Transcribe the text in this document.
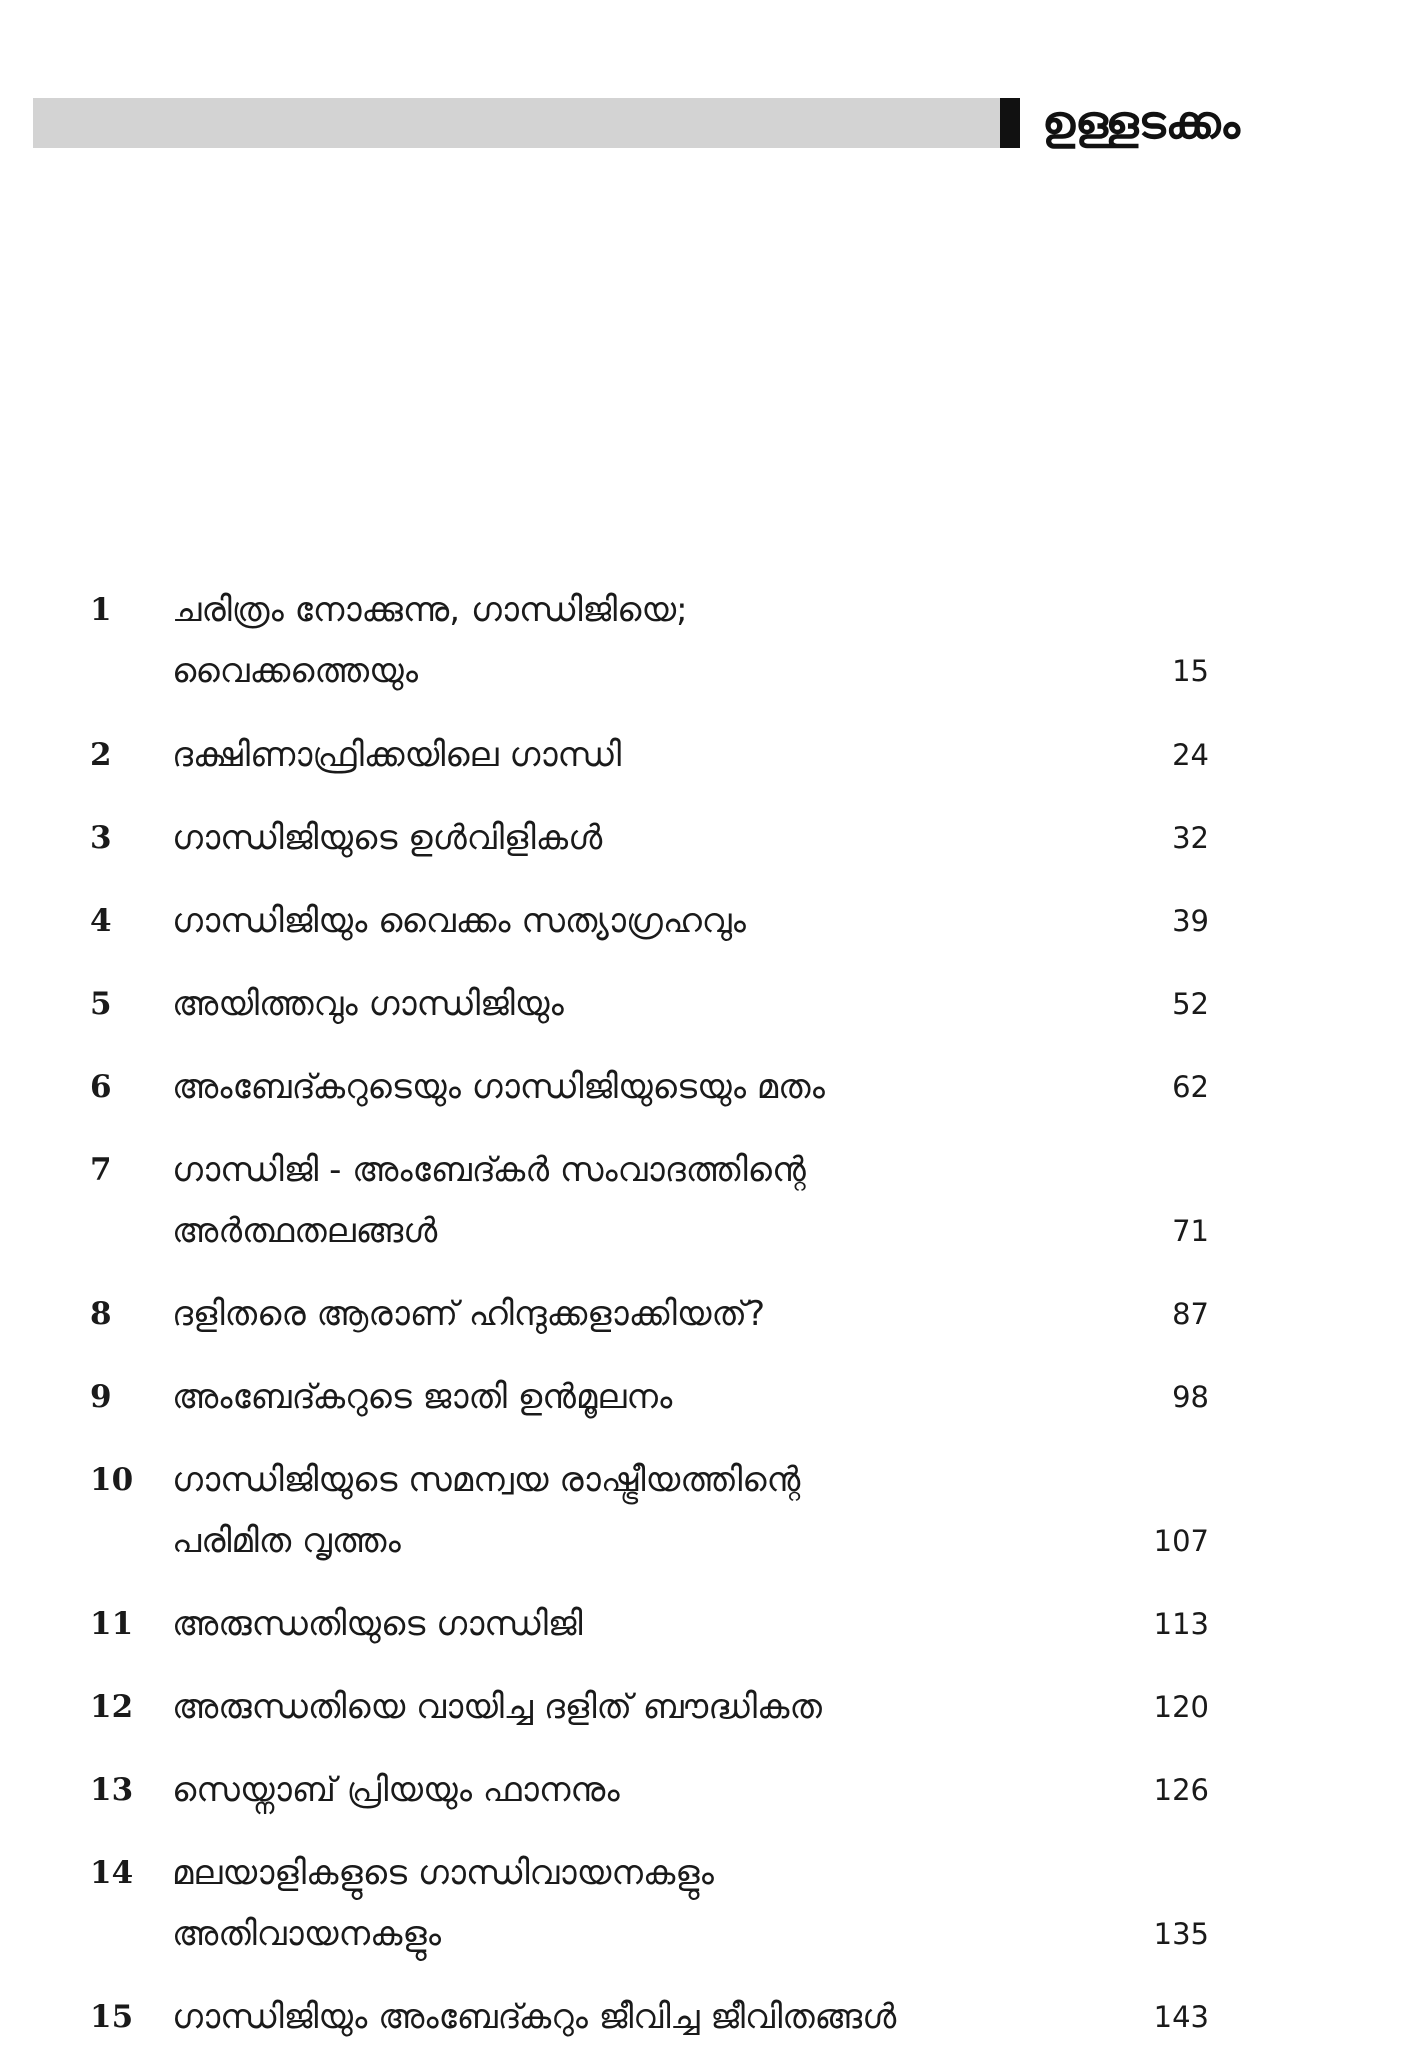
ഉള്ളടക്കം
1	ചരിത്രം നോക്കുന്നു, ഗാന്ധിജിയെ;
വൈക്കത്തെയും	15
2	ദക്ഷിണാഫ്രിക്കയിലെ ഗാന്ധി	24
3	ഗാന്ധിജിയുടെ ഉൾവിളികൾ	32
4	ഗാന്ധിജിയും വൈക്കം സത്യാഗ്രഹവും	39
5	അയിത്തവും ഗാന്ധിജിയും	52
6	അംബേദ്കറുടെയും ഗാന്ധിജിയുടെയും മതം	62
7	ഗാന്ധിജി - അംബേദ്കർ സംവാദത്തിന്റെ
അർത്ഥതലങ്ങൾ	71
8	ദളിതരെ ആരാണ് ഹിന്ദുക്കളാക്കിയത്?	87
9	അംബേദ്കറുടെ ജാതി ഉൻമൂലനം	98
10	ഗാന്ധിജിയുടെ സമന്വയ രാഷ്ട്രീയത്തിന്റെ
പരിമിത വൃത്തം	107
11	അരുന്ധതിയുടെ ഗാന്ധിജി	113
12	അരുന്ധതിയെ വായിച്ച ദളിത് ബൗദ്ധികത	120
13	സെയ്നാബ് പ്രിയയും ഫാനനും	126
14	മലയാളികളുടെ ഗാന്ധിവായനകളും
അതിവായനകളും	135
15	ഗാന്ധിജിയും അംബേദ്കറും ജീവിച്ച ജീവിതങ്ങൾ	143
